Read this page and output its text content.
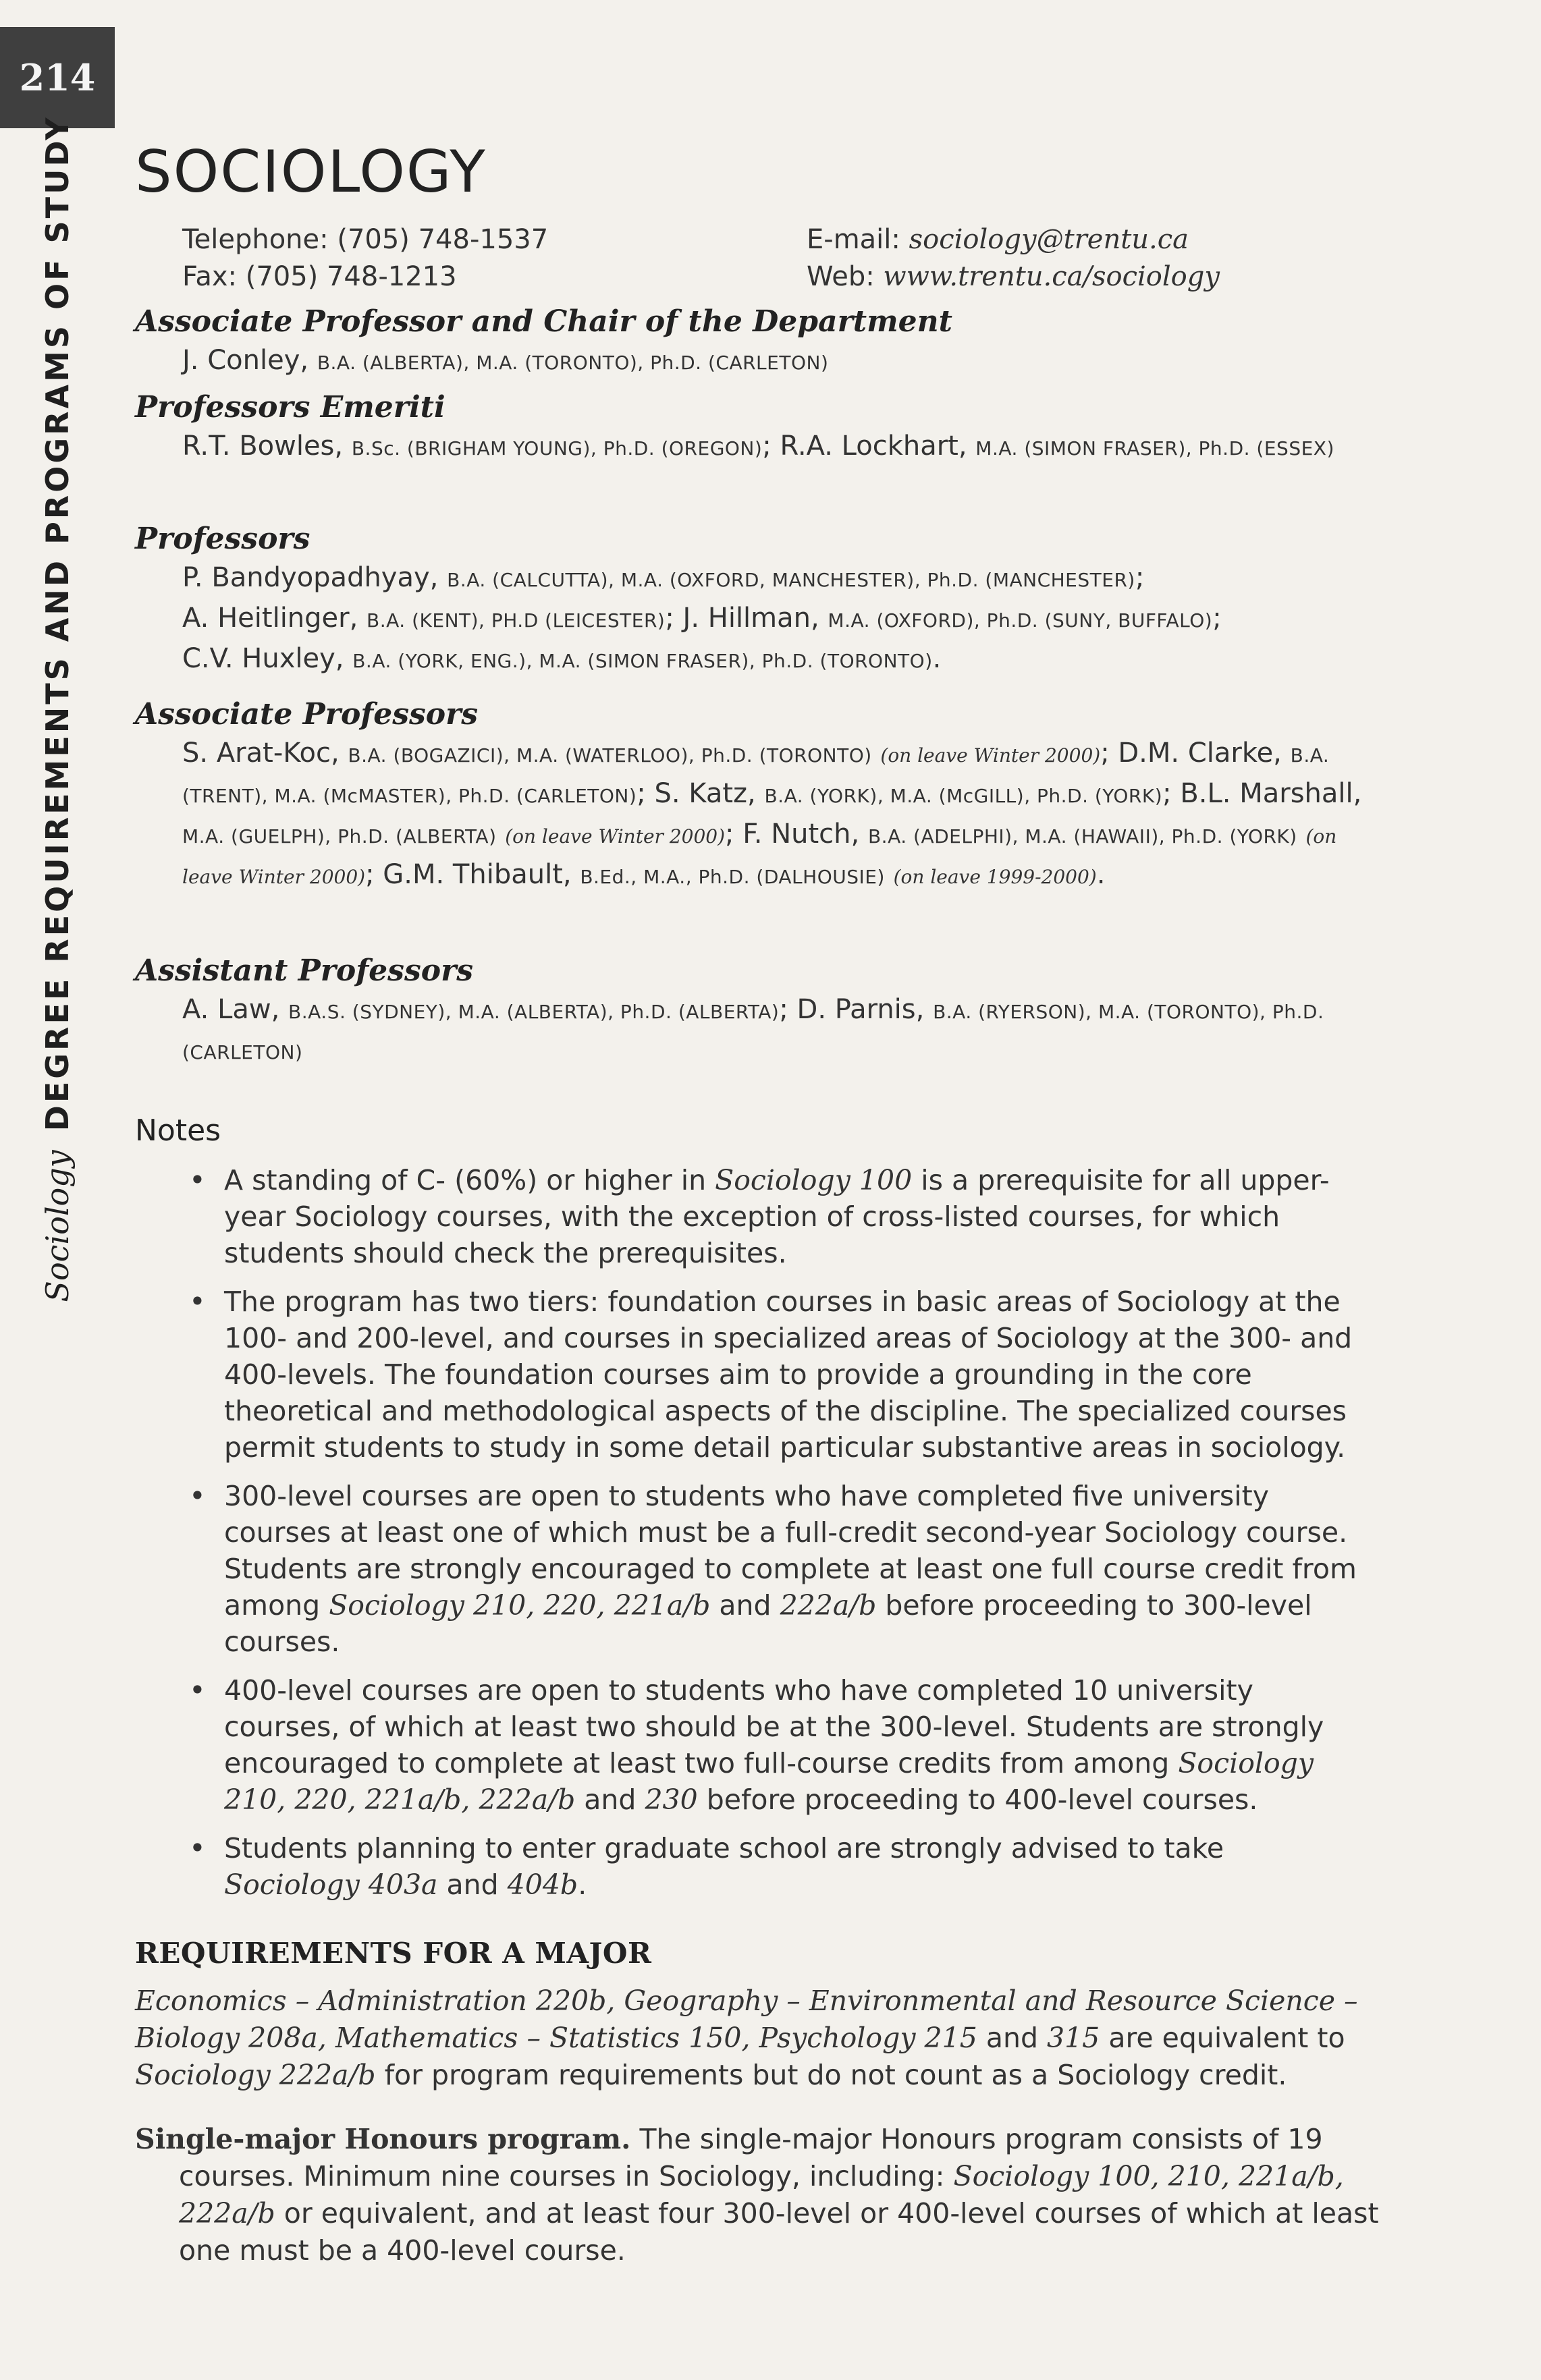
214
SociologyDEGREE REQUIREMENTS AND PROGRAMS OF STUDY SOCIOLOGY
Telephone: (705) 748-1537
Fax: (705) 748-1213
E-mail: sociology@trentu.ca
Web: www.trentu.ca/sociology
Associate Professor and Chair of the Department

J. Conley, B.A. (ALBERTA), M.A. (TORONTO), Ph.D. (CARLETON)

Professors Emeriti

R.T. Bowles, B.Sc. (BRIGHAM YOUNG), Ph.D. (OREGON); R.A. Lockhart, M.A. (SIMON FRASER), Ph.D. (ESSEX)

Professors

P. Bandyopadhyay, B.A. (CALCUTTA), M.A. (OXFORD, MANCHESTER), Ph.D. (MANCHESTER);
A. Heitlinger, B.A. (KENT), PH.D (LEICESTER); J. Hillman, M.A. (OXFORD), Ph.D. (SUNY, BUFFALO);
C.V. Huxley, B.A. (YORK, ENG.), M.A. (SIMON FRASER), Ph.D. (TORONTO).

Associate Professors

S. Arat-Koc, B.A. (BOGAZICI), M.A. (WATERLOO), Ph.D. (TORONTO) (on leave Winter 2000); D.M. Clarke, B.A. (TRENT), M.A. (McMASTER), Ph.D. (CARLETON); S. Katz, B.A. (YORK), M.A. (McGILL), Ph.D. (YORK); B.L. Marshall, M.A. (GUELPH), Ph.D. (ALBERTA) (on leave Winter 2000); F. Nutch, B.A. (ADELPHI), M.A. (HAWAII), Ph.D. (YORK) (on leave Winter 2000); G.M. Thibault, B.Ed., M.A., Ph.D. (DALHOUSIE) (on leave 1999-2000).

Assistant Professors

A. Law, B.A.S. (SYDNEY), M.A. (ALBERTA), Ph.D. (ALBERTA); D. Parnis, B.A. (RYERSON), M.A. (TORONTO), Ph.D. (CARLETON)

Notes
• A standing of C- (60%) or higher in Sociology 100 is a prerequisite for all upper-year Sociology courses, with the exception of cross-listed courses, for which students should check the prerequisites.
• The program has two tiers: foundation courses in basic areas of Sociology at the 100- and 200-level, and courses in specialized areas of Sociology at the 300- and 400-levels. The foundation courses aim to provide a grounding in the core theoretical and methodological aspects of the discipline. The specialized courses permit students to study in some detail particular substantive areas in sociology.
• 300-level courses are open to students who have completed five university courses at least one of which must be a full-credit second-year Sociology course. Students are strongly encouraged to complete at least one full course credit from among Sociology 210, 220, 221a/b and 222a/b before proceeding to 300-level courses.
• 400-level courses are open to students who have completed 10 university courses, of which at least two should be at the 300-level. Students are strongly encouraged to complete at least two full-course credits from among Sociology 210, 220, 221a/b, 222a/b and 230 before proceeding to 400-level courses.
• Students planning to enter graduate school are strongly advised to take Sociology 403a and 404b.
REQUIREMENTS FOR A MAJOR

Economics – Administration 220b, Geography – Environmental and Resource Science – Biology 208a, Mathematics – Statistics 150, Psychology 215 and 315 are equivalent to Sociology 222a/b for program requirements but do not count as a Sociology credit.

Single-major Honours program. The single-major Honours program consists of 19 courses. Minimum nine courses in Sociology, including: Sociology 100, 210, 221a/b, 222a/b or equivalent, and at least four 300-level or 400-level courses of which at least one must be a 400-level course.
